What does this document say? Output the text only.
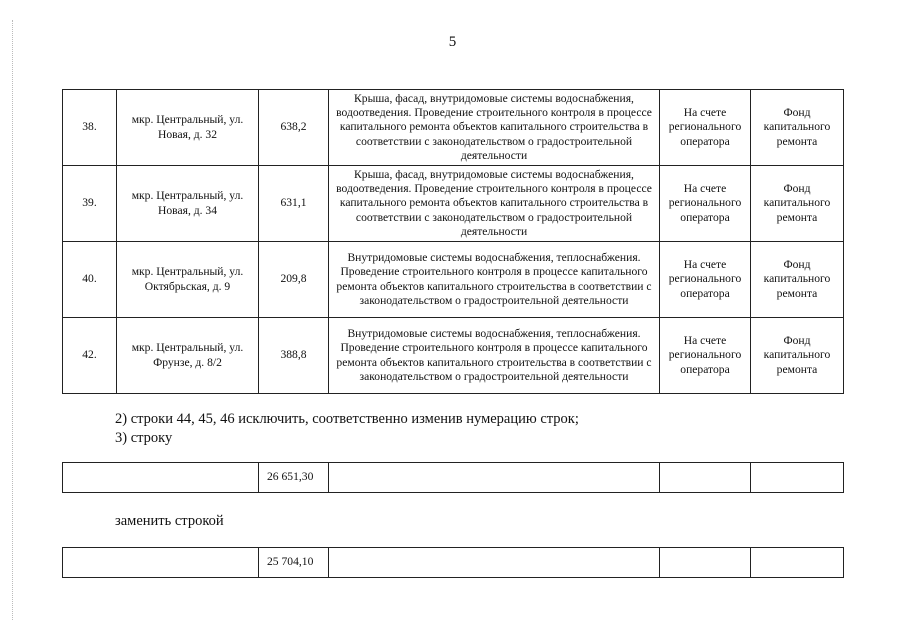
5
38.	мкр. Центральный, ул. Новая, д. 32	638,2	Крыша, фасад, внутридомовые системы водоснабжения, водоотведения. Проведение строительного контроля в процессе капитального ремонта объектов капитального строительства в соответствии с законодательством о градостроительной деятельности	На счете регионального оператора	Фонд капитального ремонта
39.	мкр. Центральный, ул. Новая, д. 34	631,1	Крыша, фасад, внутридомовые системы водоснабжения, водоотведения. Проведение строительного контроля в процессе капитального ремонта объектов капитального строительства в соответствии с законодательством о градостроительной деятельности	На счете регионального оператора	Фонд капитального ремонта
40.	мкр. Центральный, ул. Октябрьская, д. 9	209,8	Внутридомовые системы водоснабжения, теплоснабжения. Проведение строительного контроля в процессе капитального ремонта объектов капитального строительства в соответствии с законодательством о градостроительной деятельности	На счете регионального оператора	Фонд капитального ремонта
42.	мкр. Центральный, ул. Фрунзе, д. 8/2	388,8	Внутридомовые системы водоснабжения, теплоснабжения. Проведение строительного контроля в процессе капитального ремонта объектов капитального строительства в соответствии с законодательством о градостроительной деятельности	На счете регионального оператора	Фонд капитального ремонта
2) строки 44, 45, 46 исключить, соответственно изменив нумерацию строк;
3) строку
	26 651,30			
заменить строкой
	25 704,10			
